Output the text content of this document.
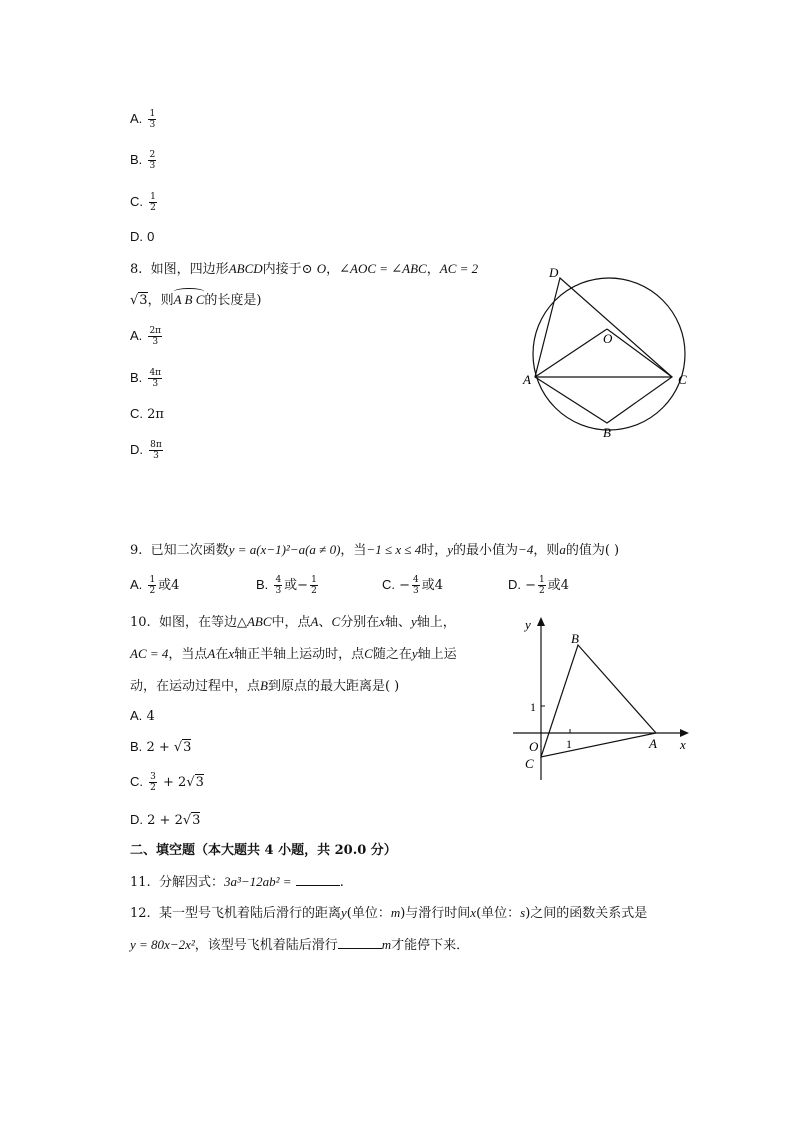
A. $\frac{1}{3}$
B. $\frac{2}{3}$
C. $\frac{1}{2}$
D. 0
8. 如图，四边形ABCD内接于⊙ O，∠AOC = ∠ABC，AC = 2
√3，则
A B C的长度是)
A. $\frac{2\pi}{3}$
B. $\frac{4\pi}{3}$
C. 2π
D. $\frac{8\pi}{3}$
D
O
A	C
B
9. 已知二次函数y = a(x−1)²−a(a ≠ 0)，当−1 ≤ x ≤ 4时，y的最小值为−4，则a的值为( )
A. $\frac{1}{2}$ 或4	B. $\frac{4}{3}$ 或− $\frac{1}{2}$	C. − $\frac{4}{3}$ 或4	D. − $\frac{1}{2}$ 或4
10. 如图，在等边△ABC中，点A、C分别在x轴、y轴上，
AC = 4，当点A在x轴正半轴上运动时，点C随之在y轴上运
动，在运动过程中，点B到原点的最大距离是( )
A. 4
B. 2 + √3
C. $\frac{3}{2} + 2√3$
D. 2 + 2√3
y
x
B
1
1
O	A
C
二、填空题（本大题共 4 小题，共 20.0 分）
11. 分解因式：3a³−12ab² =	.
12. 某一型号飞机着陆后滑行的距离y(单位：m)与滑行时间x(单位：s)之间的函数关系式是
y = 80x−2x²，该型号飞机着陆后滑行	m才能停下来．
